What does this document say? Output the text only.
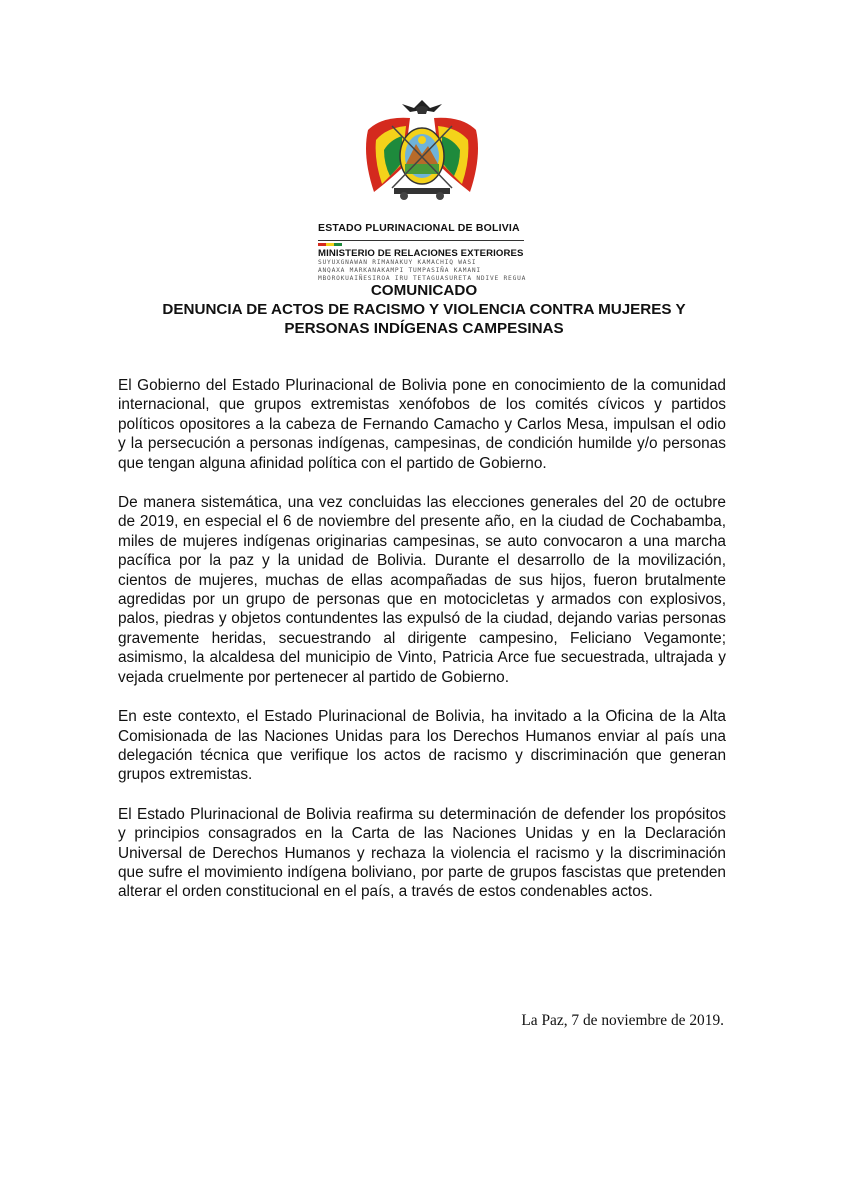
ESTADO PLURINACIONAL DE BOLIVIA
MINISTERIO DE RELACIONES EXTERIORES
SUYUXGNAWAN RIMANAKUY KAMACHIQ WASI
ANQAXA MARKANAKAMPI TUMPASIÑA KAMANI
MBOROKUAIÑESIROA IRU TETAGUASURETA NDIVE REGUA
COMUNICADO
DENUNCIA DE ACTOS DE RACISMO Y VIOLENCIA CONTRA MUJERES Y
PERSONAS INDÍGENAS CAMPESINAS

El Gobierno del Estado Plurinacional de Bolivia pone en conocimiento de la comunidad internacional, que grupos extremistas xenófobos de los comités cívicos y partidos políticos opositores a la cabeza de Fernando Camacho y Carlos Mesa, impulsan el odio y la persecución a personas indígenas, campesinas, de condición humilde y/o personas que tengan alguna afinidad política con el partido de Gobierno.

De manera sistemática, una vez concluidas las elecciones generales del 20 de octubre de 2019, en especial el 6 de noviembre del presente año, en la ciudad de Cochabamba, miles de mujeres indígenas originarias campesinas, se auto convocaron a una marcha pacífica por la paz y la unidad de Bolivia. Durante el desarrollo de la movilización, cientos de mujeres, muchas de ellas acompañadas de sus hijos, fueron brutalmente agredidas por un grupo de personas que en motocicletas y armados con explosivos, palos, piedras y objetos contundentes las expulsó de la ciudad, dejando varias personas gravemente heridas, secuestrando al dirigente campesino, Feliciano Vegamonte; asimismo, la alcaldesa del municipio de Vinto, Patricia Arce fue secuestrada, ultrajada y vejada cruelmente por pertenecer al partido de Gobierno.

En este contexto, el Estado Plurinacional de Bolivia, ha invitado a la Oficina de la Alta Comisionada de las Naciones Unidas para los Derechos Humanos enviar al país una delegación técnica que verifique los actos de racismo y discriminación que generan grupos extremistas.

El Estado Plurinacional de Bolivia reafirma su determinación de defender los propósitos y principios consagrados en la Carta de las Naciones Unidas y en la Declaración Universal de Derechos Humanos y rechaza la violencia el racismo y la discriminación que sufre el movimiento indígena boliviano, por parte de grupos fascistas que pretenden alterar el orden constitucional en el país, a través de estos condenables actos.

La Paz, 7 de noviembre de 2019.
